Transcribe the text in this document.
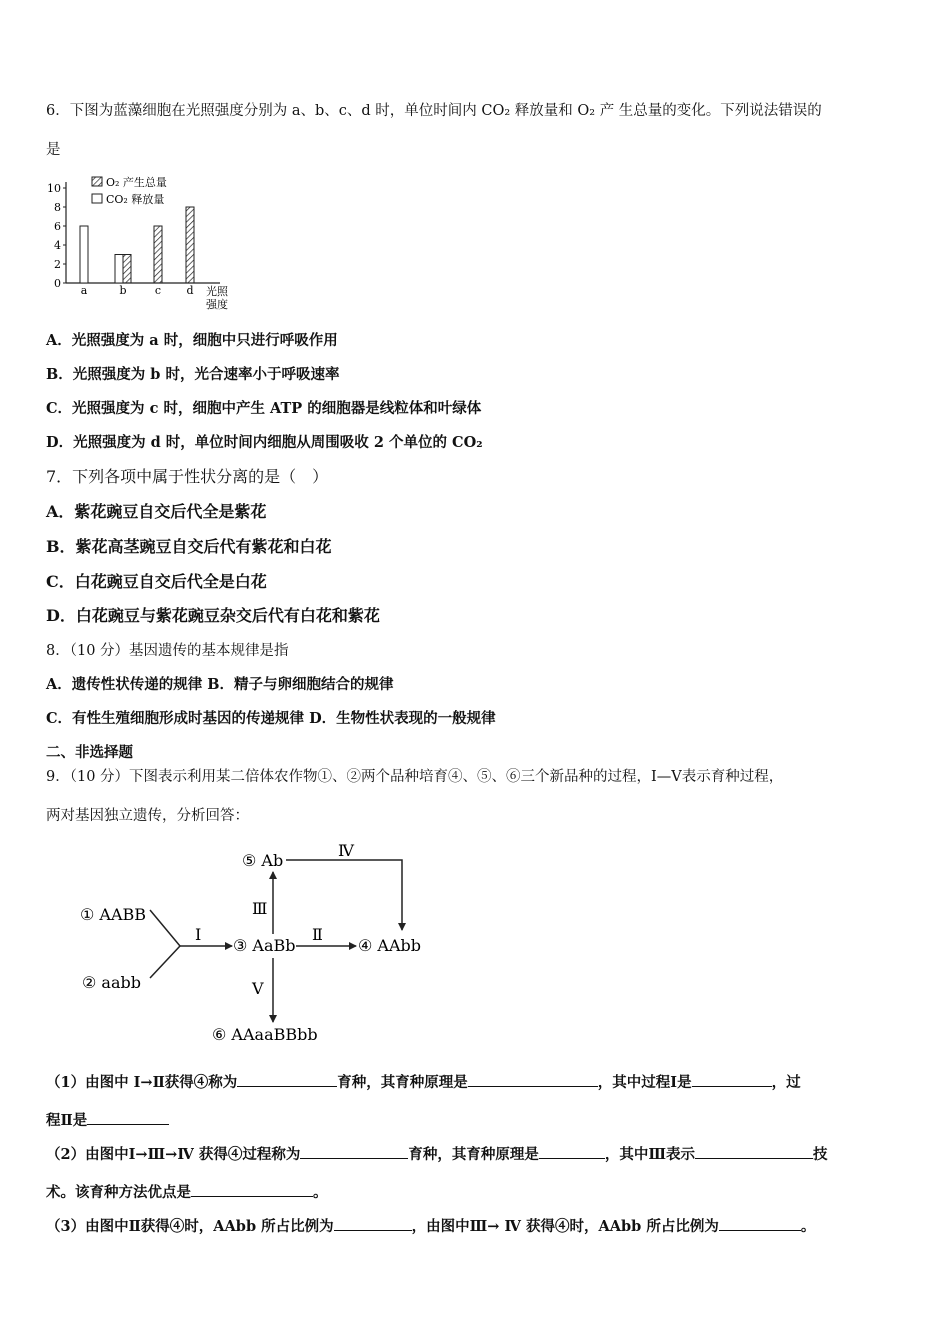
6．下图为蓝藻细胞在光照强度分别为 a、b、c、d 时，单位时间内 CO₂ 释放量和 O₂ 产 生总量的变化。下列说法错误的
是
0
2
4
6
8
10
a	b	c d 光照
强度
O₂ 产生总量
CO₂ 释放量
A．光照强度为 a 时，细胞中只进行呼吸作用
B．光照强度为 b 时，光合速率小于呼吸速率
C．光照强度为 c 时，细胞中产生 ATP 的细胞器是线粒体和叶绿体
D．光照强度为 d 时，单位时间内细胞从周围吸收 2 个单位的 CO₂
7．下列各项中属于性状分离的是（　）
A．紫花豌豆自交后代全是紫花
B．紫花高茎豌豆自交后代有紫花和白花
C．白花豌豆自交后代全是白花
D．白花豌豆与紫花豌豆杂交后代有白花和紫花
8．（10 分）基因遗传的基本规律是指
A．遗传性状传递的规律 B．精子与卵细胞结合的规律
C．有性生殖细胞形成时基因的传递规律 D．生物性状表现的一般规律
二、非选择题
9．（10 分）下图表示利用某二倍体农作物①、②两个品种培育④、⑤、⑥三个新品种的过程，Ⅰ—Ⅴ表示育种过程，
两对基因独立遗传，分析回答：
① AABB
② aabb
③ AaBb	④ AAbb
⑤ Ab
⑥ AAaaBBbb
Ⅰ	Ⅱ
Ⅲ
Ⅳ
Ⅴ
（1）由图中 Ⅰ→Ⅱ获得④称为	育种，其育种原理是	，其中过程Ⅰ是	，过
程Ⅱ是
（2）由图中Ⅰ→Ⅲ→Ⅳ 获得④过程称为	育种，其育种原理是	，其中Ⅲ表示	技
术。该育种方法优点是	。
（3）由图中Ⅱ获得④时，AAbb 所占比例为	，由图中Ⅲ→ Ⅳ 获得④时，AAbb 所占比例为	。
